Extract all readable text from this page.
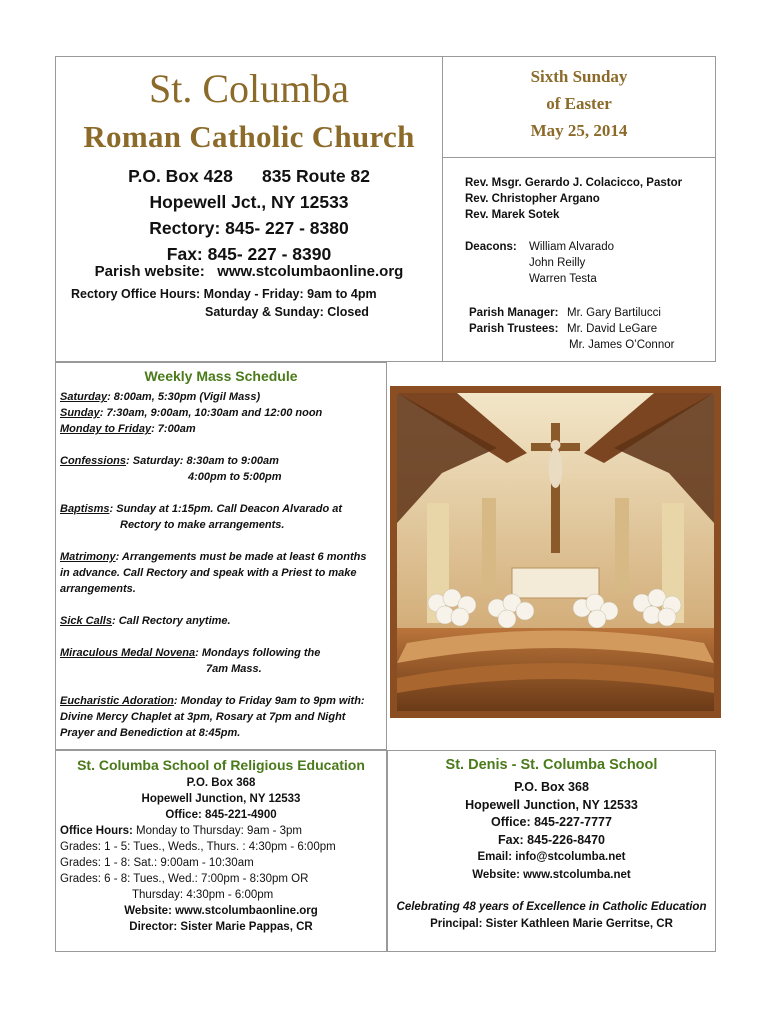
St. Columba
Roman Catholic Church
P.O. Box 428      835 Route 82
Hopewell Jct., NY 12533
Rectory: 845- 227 - 8380
Fax: 845- 227 - 8390
Parish website:   www.stcolumbaonline.org
Rectory Office Hours: Monday - Friday: 9am to 4pm
Saturday & Sunday: Closed
Sixth Sunday
of Easter
May 25, 2014
Rev. Msgr. Gerardo J. Colacicco, Pastor
Rev. Christopher Argano
Rev. Marek Sotek
Deacons: William Alvarado
John Reilly
Warren Testa
Parish Manager: Mr. Gary Bartilucci
Parish Trustees: Mr. David LeGare
Mr. James O’Connor
Weekly Mass Schedule
Saturday: 8:00am, 5:30pm (Vigil Mass)
Sunday: 7:30am, 9:00am, 10:30am and 12:00 noon
Monday to Friday: 7:00am
Confessions: Saturday: 8:30am to 9:00am
4:00pm to 5:00pm
Baptisms: Sunday at 1:15pm. Call Deacon Alvarado at
Rectory to make arrangements.
Matrimony: Arrangements must be made at least 6 months
in advance. Call Rectory and speak with a Priest to make
arrangements.
Sick Calls: Call Rectory anytime.
Miraculous Medal Novena: Mondays following the
7am Mass.
Eucharistic Adoration: Monday to Friday 9am to 9pm with:
Divine Mercy Chaplet at 3pm, Rosary at 7pm and Night
Prayer and Benediction at 8:45pm.
St. Columba School of Religious Education
P.O. Box 368
Hopewell Junction, NY 12533
Office: 845-221-4900
Office Hours: Monday to Thursday: 9am - 3pm
Grades: 1 - 5: Tues., Weds., Thurs. : 4:30pm - 6:00pm
Grades: 1 - 8: Sat.: 9:00am - 10:30am
Grades: 6 - 8: Tues., Wed.: 7:00pm - 8:30pm OR
Thursday: 4:30pm - 6:00pm
Website: www.stcolumbaonline.org
Director: Sister Marie Pappas, CR
St. Denis - St. Columba School
P.O. Box 368
Hopewell Junction, NY 12533
Office: 845-227-7777
Fax: 845-226-8470
Email: info@stcolumba.net
Website: www.stcolumba.net
Celebrating 48 years of Excellence in Catholic Education
Principal: Sister Kathleen Marie Gerritse, CR
